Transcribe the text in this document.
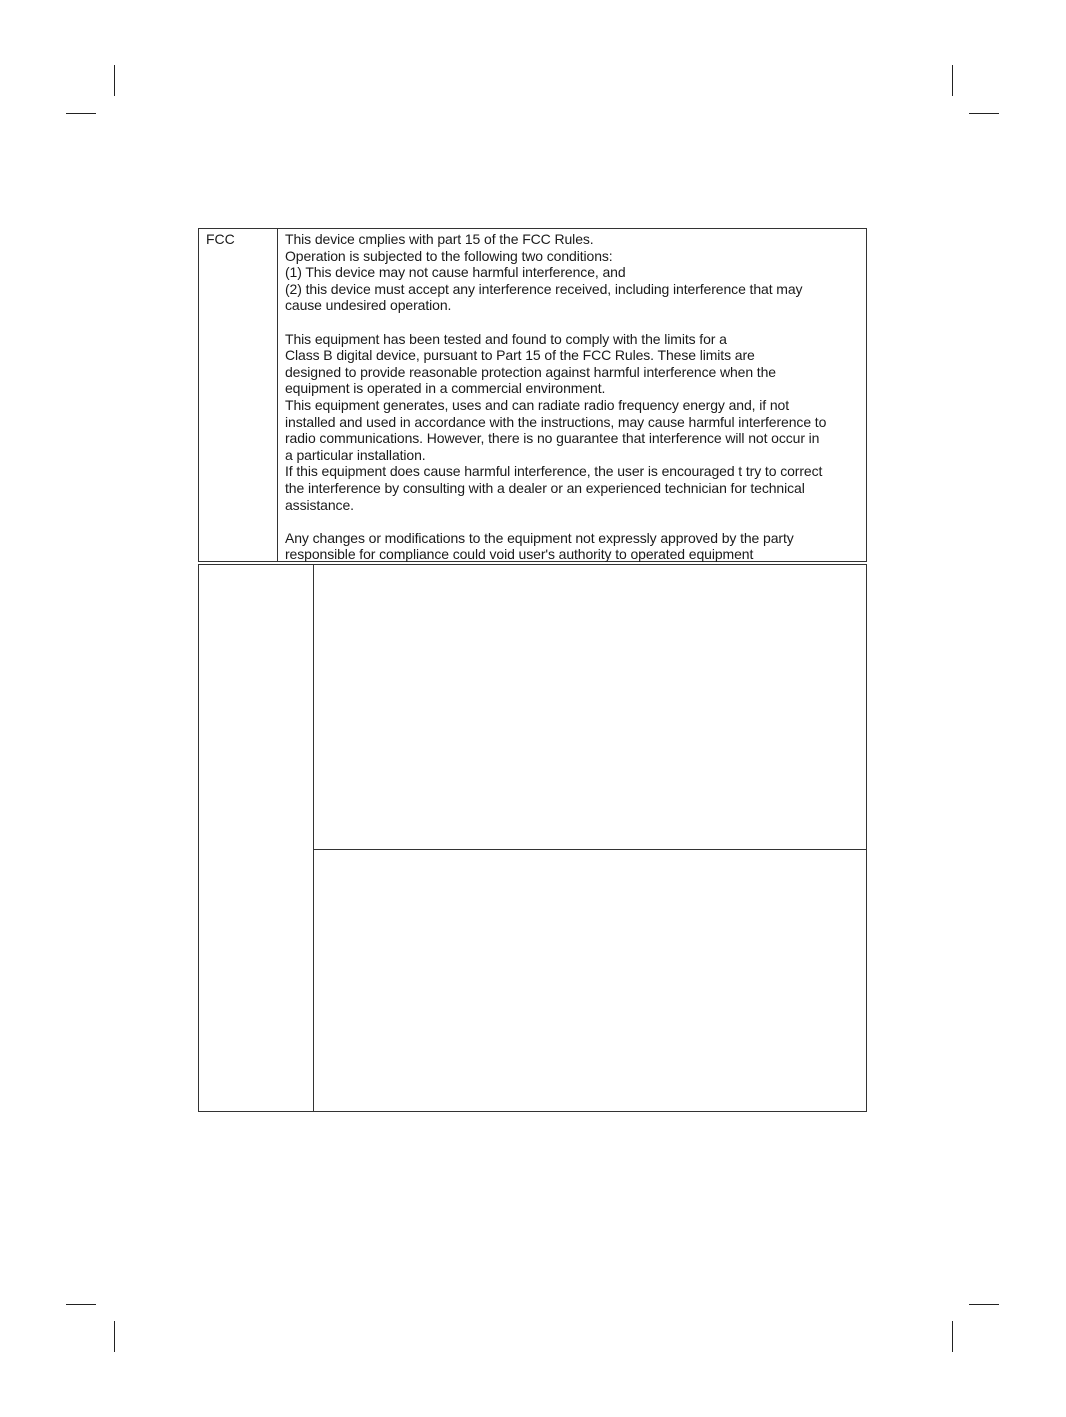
FCC	This device cmplies with part 15 of the FCC Rules.
Operation is subjected to the following two conditions:
(1) This device may not cause harmful interference, and
(2) this device must accept any interference received, including interference that may
cause undesired operation.
This equipment has been tested and found to comply with the limits for a
Class B digital device, pursuant to Part 15 of the FCC Rules. These limits are
designed to provide reasonable protection against harmful interference when the
equipment is operated in a commercial environment.
This equipment generates, uses and can radiate radio frequency energy and, if not
installed and used in accordance with the instructions, may cause harmful interference to
radio communications. However, there is no guarantee that interference will not occur in
a particular installation.
If this equipment does cause harmful interference, the user is encouraged t try to correct
the interference by consulting with a dealer or an experienced technician for technical
assistance.
Any changes or modifications to the equipment not expressly approved by the party
responsible for compliance could void user's authority to operated equipment
